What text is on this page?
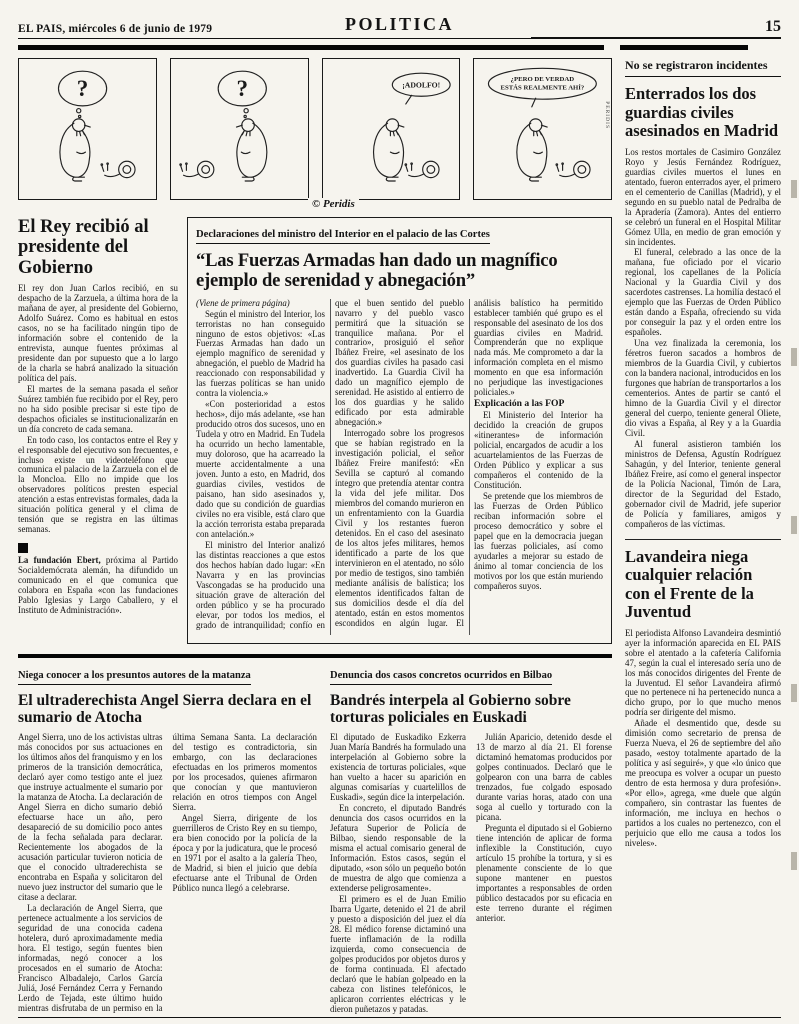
EL PAIS, miércoles 6 de junio de 1979	POLITICA	15
?	?	¡ADOLFO!
¿PERO DE VERDAD
ESTÁS REALMENTE AHÍ?
PERIDIS
© Peridis
El Rey recibió al presidente del Gobierno

El rey don Juan Carlos recibió, en su despacho de la Zarzuela, a última hora de la mañana de ayer, al presidente del Gobierno, Adolfo Suárez. Como es habitual en estos casos, no se ha facilitado ningún tipo de información sobre el contenido de la entrevista, aunque fuentes próximas al presidente dan por supuesto que a lo largo de la charla se habrá analizado la situación política del país.

El martes de la semana pasada el señor Suárez también fue recibido por el Rey, pero no ha sido posible precisar si este tipo de despachos oficiales se institucionalizarán en un día concreto de cada semana.

En todo caso, los contactos entre el Rey y el responsable del ejecutivo son frecuentes, e incluso existe un videoteléfono que comunica el palacio de la Zarzuela con el de la Moncloa. Ello no impide que los observadores políticos presten especial atención a estas entrevistas formales, dada la situación política general y el clima de tensión que se registra en las últimas semanas.

La fundación Ebert, próxima al Partido Socialdemócrata alemán, ha difundido un comunicado en el que comunica que colabora en España «con las fundaciones Pablo Iglesias y Largo Caballero, y el Instituto de Administración».

Declaraciones del ministro del Interior en el palacio de las Cortes
“Las Fuerzas Armadas han dado un magnífico ejemplo de serenidad y abnegación”

(Viene de primera página)

Según el ministro del Interior, los terroristas no han conseguido ninguno de estos objetivos: «Las Fuerzas Armadas han dado un ejemplo magnífico de serenidad y abnegación, el pueblo de Madrid ha reaccionado con responsabilidad y las fuerzas políticas se han unido contra la violencia.»

«Con posterioridad a estos hechos», dijo más adelante, «se han producido otros dos sucesos, uno en Tudela y otro en Madrid. En Tudela ha ocurrido un hecho lamentable, muy doloroso, que ha acarreado la muerte accidentalmente a una joven. Junto a esto, en Madrid, dos guardias civiles, vestidos de paisano, han sido asesinados y, dado que su condición de guardias civiles no era visible, está claro que la acción terrorista estaba preparada con antelación.»

El ministro del Interior analizó las distintas reacciones a que estos dos hechos habían dado lugar: «En Navarra y en las provincias Vascongadas se ha producido una situación grave de alteración del orden público y se ha procurado elevar, por todos los medios, el grado de intranquilidad; confío en que el buen sentido del pueblo navarro y del pueblo vasco permitirá que la situación se tranquilice mañana. Por el contrario», prosiguió el señor Ibáñez Freire, «el asesinato de los dos guardias civiles ha pasado casi inadvertido. La Guardia Civil ha dado un magnífico ejemplo de serenidad. He asistido al entierro de los dos guardias y he salido edificado por esta admirable abnegación.»

Interrogado sobre los progresos que se habían registrado en la investigación policial, el señor Ibáñez Freire manifestó: «En Sevilla se capturó al comando íntegro que pretendía atentar contra la vida del jefe militar. Dos miembros del comando murieron en un enfrentamiento con la Guardia Civil y los restantes fueron detenidos. En el caso del asesinato de los altos jefes militares, hemos identificado a parte de los que intervinieron en el atentado, no sólo por medio de testigos, sino también mediante análisis de balística; los elementos identificados faltan de sus domicilios desde el día del atentado, están en estos momentos escondidos en algún lugar. El análisis balístico ha permitido establecer también qué grupo es el responsable del asesinato de los dos guardias civiles en Madrid. Comprenderán que no explique nada más. Me comprometo a dar la información completa en el mismo momento en que esa información no perjudique las investigaciones policiales.»

Explicación a las FOP

El Ministerio del Interior ha decidido la creación de grupos «itinerantes» de información policial, encargados de acudir a los acuartelamientos de las Fuerzas de Orden Público y explicar a sus compañeros el contenido de la Constitución.

Se pretende que los miembros de las Fuerzas de Orden Público reciban información sobre el proceso democrático y sobre el papel que en la democracia juegan las fuerzas policiales, así como ayudarles a mejorar su estado de ánimo al tomar conciencia de los motivos por los que están muriendo compañeros suyos.

Niega conocer a los presuntos autores de la matanza
El ultraderechista Angel Sierra declara en el sumario de Atocha

Angel Sierra, uno de los activistas ultras más conocidos por sus actuaciones en los últimos años del franquismo y en los primeros de la transición democrática, declaró ayer como testigo ante el juez que instruye actualmente el sumario por la matanza de Atocha. La declaración de Angel Sierra en dicho sumario debió efectuarse hace un año, pero desapareció de su domicilio poco antes de la fecha señalada para declarar. Recientemente los abogados de la acusación particular tuvieron noticia de que el conocido ultraderechista se encontraba en España y solicitaron del nuevo juez instructor del sumario que le citase a declarar.

La declaración de Angel Sierra, que pertenece actualmente a los servicios de seguridad de una conocida cadena hotelera, duró aproximadamente media hora. El testigo, según fuentes bien informadas, negó conocer a los procesados en el sumario de Atocha: Francisco Albadalejo, Carlos García Juliá, José Fernández Cerra y Fernando Lerdo de Tejada, este último huido mientras disfrutaba de un permiso en la última Semana Santa. La declaración del testigo es contradictoria, sin embargo, con las declaraciones efectuadas en los primeros momentos por los procesados, quienes afirmaron que conocían y que mantuvieron relación en otros tiempos con Angel Sierra.

Angel Sierra, dirigente de los guerrilleros de Cristo Rey en su tiempo, era bien conocido por la policía de la época y por la judicatura, que le procesó en 1971 por el asalto a la galería Theo, de Madrid, si bien el juicio que debía efectuarse ante el Tribunal de Orden Público nunca llegó a celebrarse.

Denuncia dos casos concretos ocurridos en Bilbao
Bandrés interpela al Gobierno sobre torturas policiales en Euskadi

El diputado de Euskadiko Ezkerra Juan María Bandrés ha formulado una interpelación al Gobierno sobre la existencia de torturas policiales, «que han vuelto a hacer su aparición en algunas comisarías y cuartelillos de Euskadi», según dice la interpelación.

En concreto, el diputado Bandrés denuncia dos casos ocurridos en la Jefatura Superior de Policía de Bilbao, siendo responsable de la misma el actual comisario general de Información. Estos casos, según el diputado, «son sólo un pequeño botón de muestra de algo que comienza a extenderse peligrosamente».

El primero es el de Juan Emilio Ibarra Ugarte, detenido el 21 de abril y puesto a disposición del juez el día 28. El médico forense dictaminó una fuerte inflamación de la rodilla izquierda, como consecuencia de golpes producidos por objetos duros y de forma continuada. El afectado declaró que le habían golpeado en la cabeza con listines telefónicos, le aplicaron corrientes eléctricas y le dieron puñetazos y patadas.

Julián Aparicio, detenido desde el 13 de marzo al día 21. El forense dictaminó hematomas producidos por golpes continuados. Declaró que le golpearon con una barra de cables trenzados, fue colgado esposado durante varias horas, atado con una soga al cuello y torturado con la picana.

Pregunta el diputado si el Gobierno tiene intención de aplicar de forma inflexible la Constitución, cuyo artículo 15 prohíbe la tortura, y si es plenamente consciente de lo que supone mantener en puestos importantes a responsables de orden público destacados por su eficacia en este terreno durante el régimen anterior.

No se registraron incidentes
Enterrados los dos guardias civiles asesinados en Madrid

Los restos mortales de Casimiro González Royo y Jesús Fernández Rodríguez, guardias civiles muertos el lunes en atentado, fueron enterrados ayer, el primero en el cementerio de Canillas (Madrid), y el segundo en su pueblo natal de Pedralba de la Apradería (Zamora). Antes del entierro se celebró un funeral en el Hospital Militar Gómez Ulla, en medio de gran emoción y sin incidentes.

El funeral, celebrado a las once de la mañana, fue oficiado por el vicario regional, los capellanes de la Policía Nacional y la Guardia Civil y dos sacerdotes castrenses. La homilía destacó el ejemplo que las Fuerzas de Orden Público están dando a España, ofreciendo su vida por conseguir la paz y el orden entre los españoles.

Una vez finalizada la ceremonia, los féretros fueron sacados a hombros de miembros de la Guardia Civil, y cubiertos con la bandera nacional, introducidos en los furgones que habrían de transportarlos a los cementerios. Antes de partir se cantó el himno de la Guardia Civil y el director general del cuerpo, teniente general Oliete, dio vivas a España, al Rey y a la Guardia Civil.

Al funeral asistieron también los ministros de Defensa, Agustín Rodríguez Sahagún, y del Interior, teniente general Ibáñez Freire, así como el general inspector de la Policía Nacional, Timón de Lara, director de la Seguridad del Estado, gobernador civil de Madrid, jefe superior de Policía y familiares, amigos y compañeros de las víctimas.

Lavandeira niega cualquier relación con el Frente de la Juventud

El periodista Alfonso Lavandeira desmintió ayer la información aparecida en EL PAIS sobre el atentado a la cafetería California 47, según la cual el interesado sería uno de los más conocidos dirigentes del Frente de la Juventud. El señor Lavandeira afirmó que no pertenece ni ha pertenecido nunca a dicho grupo, por lo que mucho menos podría ser dirigente del mismo.

Añade el desmentido que, desde su dimisión como secretario de prensa de Fuerza Nueva, el 26 de septiembre del año pasado, «estoy totalmente apartado de la política y así seguiré», y que «lo único que me preocupa es volver a ocupar un puesto dentro de esta hermosa y dura profesión». «Por ello», agrega, «me duele que algún compañero, sin contrastar las fuentes de información, me incluya en hechos o partidos a los cuales no pertenezco, con el perjuicio que ello me causa a todos los niveles».
